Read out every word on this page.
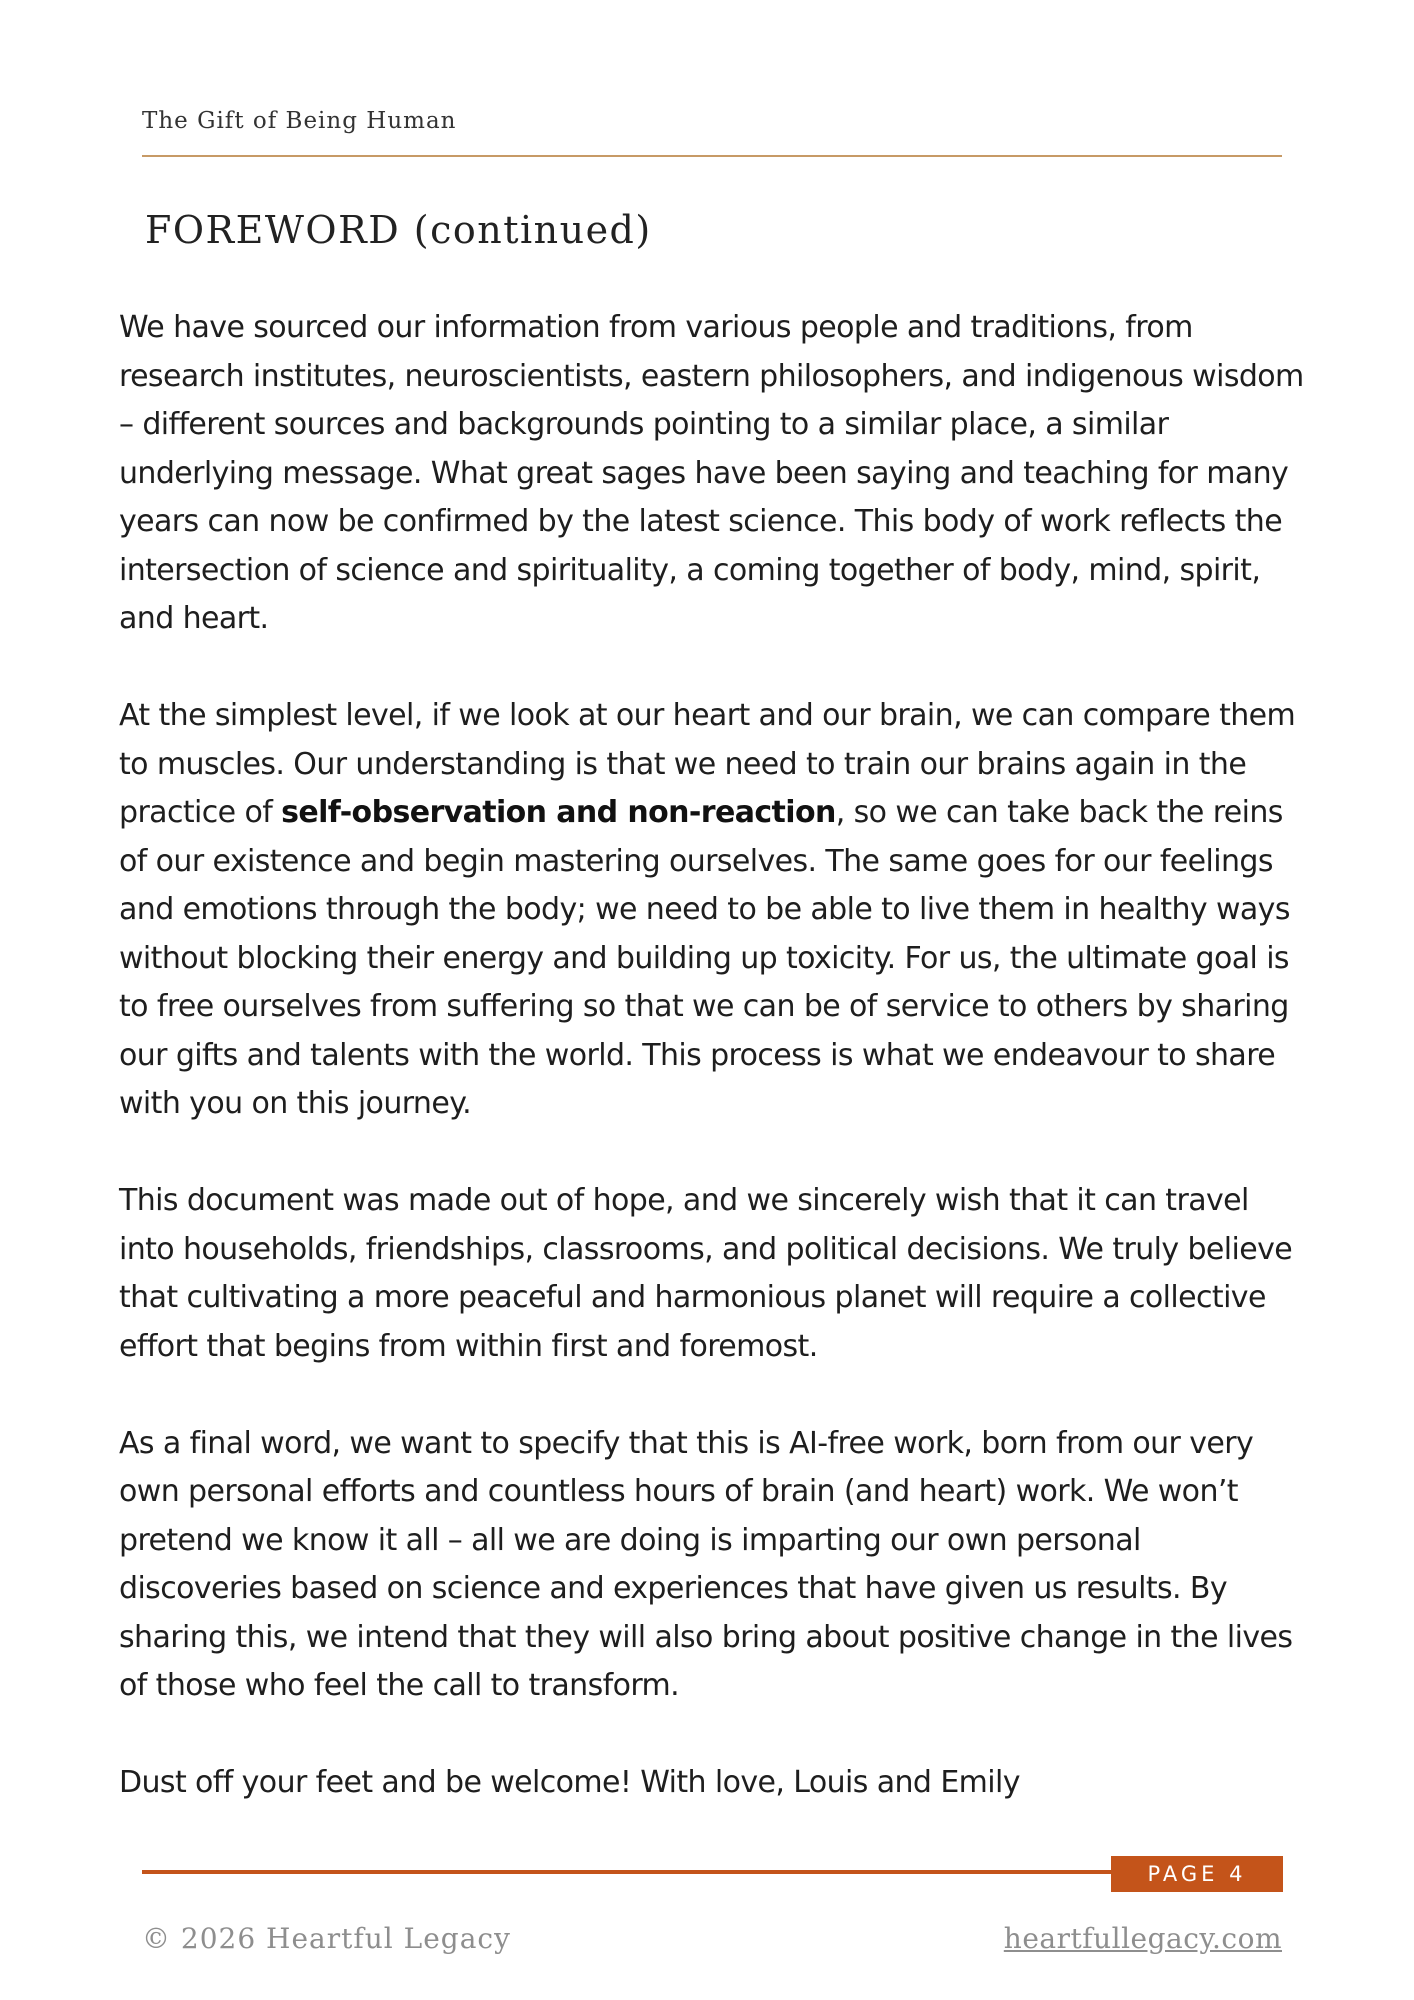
The Gift of Being Human
FOREWORD (continued)

We have sourced our information from various people and traditions, from research institutes, neuroscientists, eastern philosophers, and indigenous wisdom – different sources and backgrounds pointing to a similar place, a similar underlying message. What great sages have been saying and teaching for many years can now be confirmed by the latest science. This body of work reflects the intersection of science and spirituality, a coming together of body, mind, spirit, and heart.

At the simplest level, if we look at our heart and our brain, we can compare them to muscles. Our understanding is that we need to train our brains again in the practice of self-observation and non-reaction, so we can take back the reins of our existence and begin mastering ourselves. The same goes for our feelings and emotions through the body; we need to be able to live them in healthy ways without blocking their energy and building up toxicity. For us, the ultimate goal is to free ourselves from suffering so that we can be of service to others by sharing our gifts and talents with the world. This process is what we endeavour to share with you on this journey.

This document was made out of hope, and we sincerely wish that it can travel into households, friendships, classrooms, and political decisions. We truly believe that cultivating a more peaceful and harmonious planet will require a collective effort that begins from within first and foremost.

As a final word, we want to specify that this is AI-free work, born from our very own personal efforts and countless hours of brain (and heart) work. We won’t pretend we know it all – all we are doing is imparting our own personal discoveries based on science and experiences that have given us results. By sharing this, we intend that they will also bring about positive change in the lives of those who feel the call to transform.

Dust off your feet and be welcome! With love, Louis and Emily

PAGE 4
© 2026 Heartful Legacy	heartfullegacy.com
